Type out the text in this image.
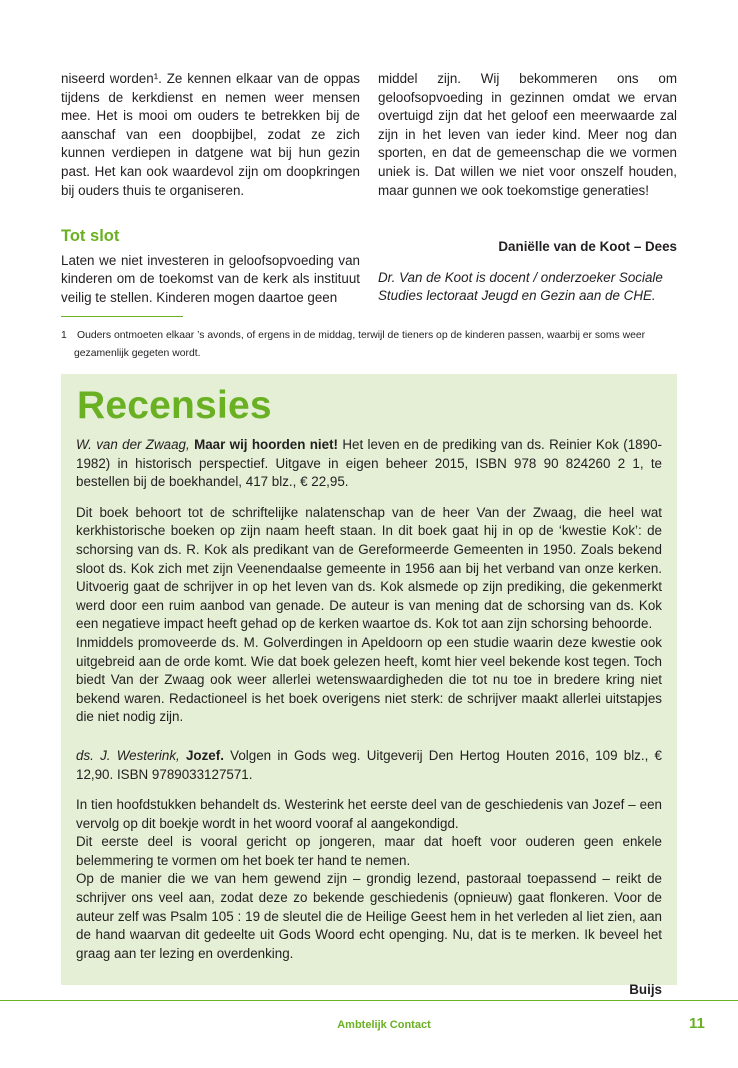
niseerd worden¹. Ze kennen elkaar van de oppas tijdens de kerkdienst en nemen weer mensen mee. Het is mooi om ouders te betrekken bij de aanschaf van een doopbijbel, zodat ze zich kunnen verdiepen in datgene wat bij hun gezin past. Het kan ook waardevol zijn om doopkringen bij ouders thuis te organiseren.

Tot slot

Laten we niet investeren in geloofsopvoeding van kinderen om de toekomst van de kerk als instituut veilig te stellen. Kinderen mogen daartoe geen

middel zijn. Wij bekommeren ons om geloofsopvoeding in gezinnen omdat we ervan overtuigd zijn dat het geloof een meerwaarde zal zijn in het leven van ieder kind. Meer nog dan sporten, en dat de gemeenschap die we vormen uniek is. Dat willen we niet voor onszelf houden, maar gunnen we ook toekomstige generaties!

Daniëlle van de Koot – Dees

Dr. Van de Koot is docent / onderzoeker Sociale Studies lectoraat Jeugd en Gezin aan de CHE.

1 Ouders ontmoeten elkaar ’s avonds, of ergens in de middag, terwijl de tieners op de kinderen passen, waarbij er soms weer
gezamenlijk gegeten wordt.
Recensies

W. van der Zwaag, Maar wij hoorden niet! Het leven en de prediking van ds. Reinier Kok (1890-1982) in historisch perspectief. Uitgave in eigen beheer 2015, ISBN 978 90 824260 2 1, te bestellen bij de boekhandel, 417 blz., € 22,95.

Dit boek behoort tot de schriftelijke nalatenschap van de heer Van der Zwaag, die heel wat kerkhistorische boeken op zijn naam heeft staan. In dit boek gaat hij in op de ‘kwestie Kok’: de schorsing van ds. R. Kok als predikant van de Gereformeerde Gemeenten in 1950. Zoals bekend sloot ds. Kok zich met zijn Veenendaalse gemeente in 1956 aan bij het verband van onze kerken. Uitvoerig gaat de schrijver in op het leven van ds. Kok alsmede op zijn prediking, die gekenmerkt werd door een ruim aanbod van genade. De auteur is van mening dat de schorsing van ds. Kok een negatieve impact heeft gehad op de kerken waartoe ds. Kok tot aan zijn schorsing behoorde.

Inmiddels promoveerde ds. M. Golverdingen in Apeldoorn op een studie waarin deze kwestie ook uitgebreid aan de orde komt. Wie dat boek gelezen heeft, komt hier veel bekende kost tegen. Toch biedt Van der Zwaag ook weer allerlei wetenswaardigheden die tot nu toe in bredere kring niet bekend waren. Redactioneel is het boek overigens niet sterk: de schrijver maakt allerlei uitstapjes die niet nodig zijn.

ds. J. Westerink, Jozef. Volgen in Gods weg. Uitgeverij Den Hertog Houten 2016, 109 blz., € 12,90. ISBN 9789033127571.

In tien hoofdstukken behandelt ds. Westerink het eerste deel van de geschiedenis van Jozef – een vervolg op dit boekje wordt in het woord vooraf al aangekondigd.

Dit eerste deel is vooral gericht op jongeren, maar dat hoeft voor ouderen geen enkele belemmering te vormen om het boek ter hand te nemen.

Op de manier die we van hem gewend zijn – grondig lezend, pastoraal toepassend – reikt de schrijver ons veel aan, zodat deze zo bekende geschiedenis (opnieuw) gaat flonkeren. Voor de auteur zelf was Psalm 105 : 19 de sleutel die de Heilige Geest hem in het verleden al liet zien, aan de hand waarvan dit gedeelte uit Gods Woord echt openging. Nu, dat is te merken. Ik beveel het graag aan ter lezing en overdenking.

Buijs

Ambtelijk Contact	11
